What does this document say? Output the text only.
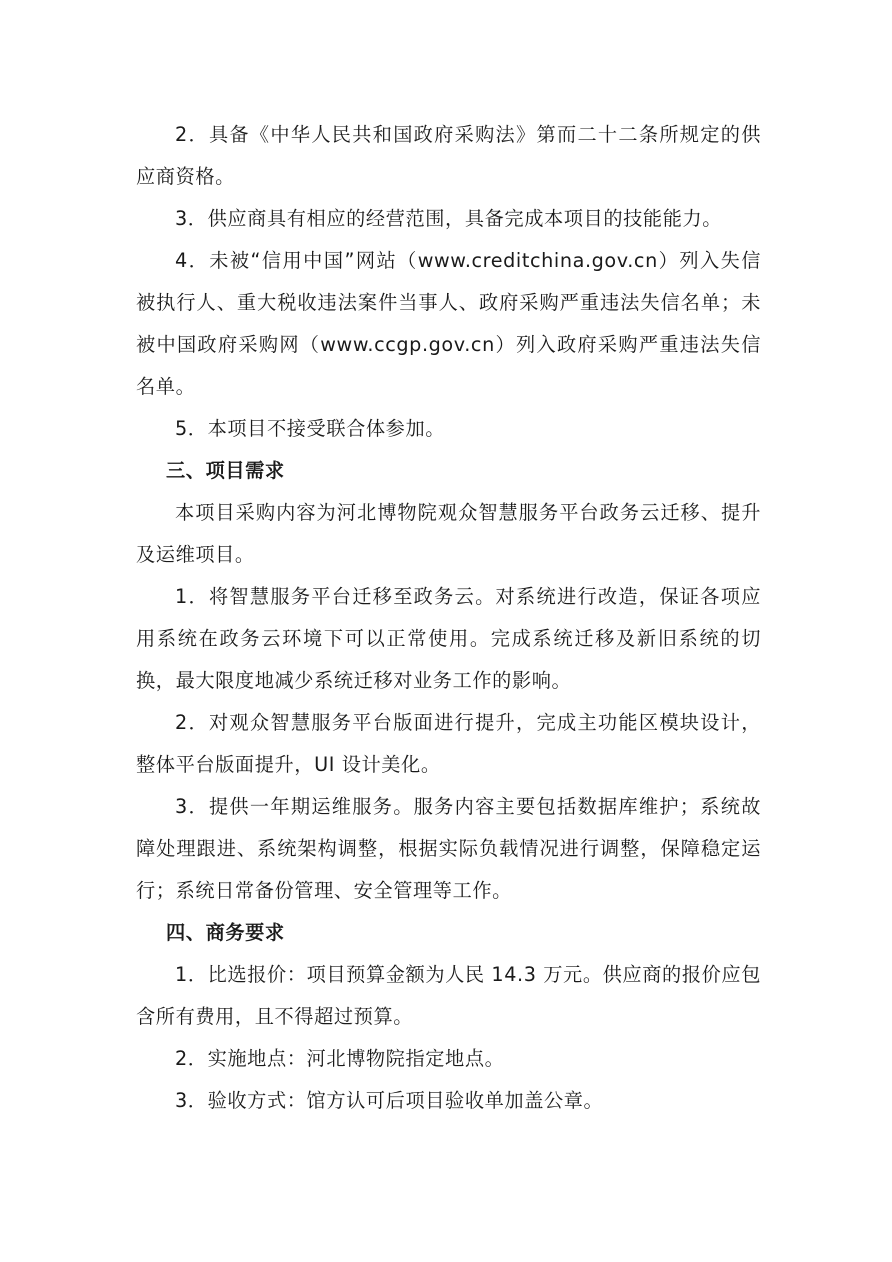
2．具备《中华人民共和国政府采购法》第而二十二条所规定的供应商资格。

3．供应商具有相应的经营范围，具备完成本项目的技能能力。

4．未被“信用中国”网站（www.creditchina.gov.cn）列入失信被执行人、重大税收违法案件当事人、政府采购严重违法失信名单；未被中国政府采购网（www.ccgp.gov.cn）列入政府采购严重违法失信名单。

5．本项目不接受联合体参加。

三、项目需求

本项目采购内容为河北博物院观众智慧服务平台政务云迁移、提升及运维项目。

1．将智慧服务平台迁移至政务云。对系统进行改造，保证各项应用系统在政务云环境下可以正常使用。完成系统迁移及新旧系统的切换，最大限度地减少系统迁移对业务工作的影响。

2．对观众智慧服务平台版面进行提升，完成主功能区模块设计，整体平台版面提升，UI 设计美化。

3．提供一年期运维服务。服务内容主要包括数据库维护；系统故障处理跟进、系统架构调整，根据实际负载情况进行调整，保障稳定运行；系统日常备份管理、安全管理等工作。

四、商务要求

1．比选报价：项目预算金额为人民 14.3 万元。供应商的报价应包含所有费用，且不得超过预算。

2．实施地点：河北博物院指定地点。

3．验收方式：馆方认可后项目验收单加盖公章。
